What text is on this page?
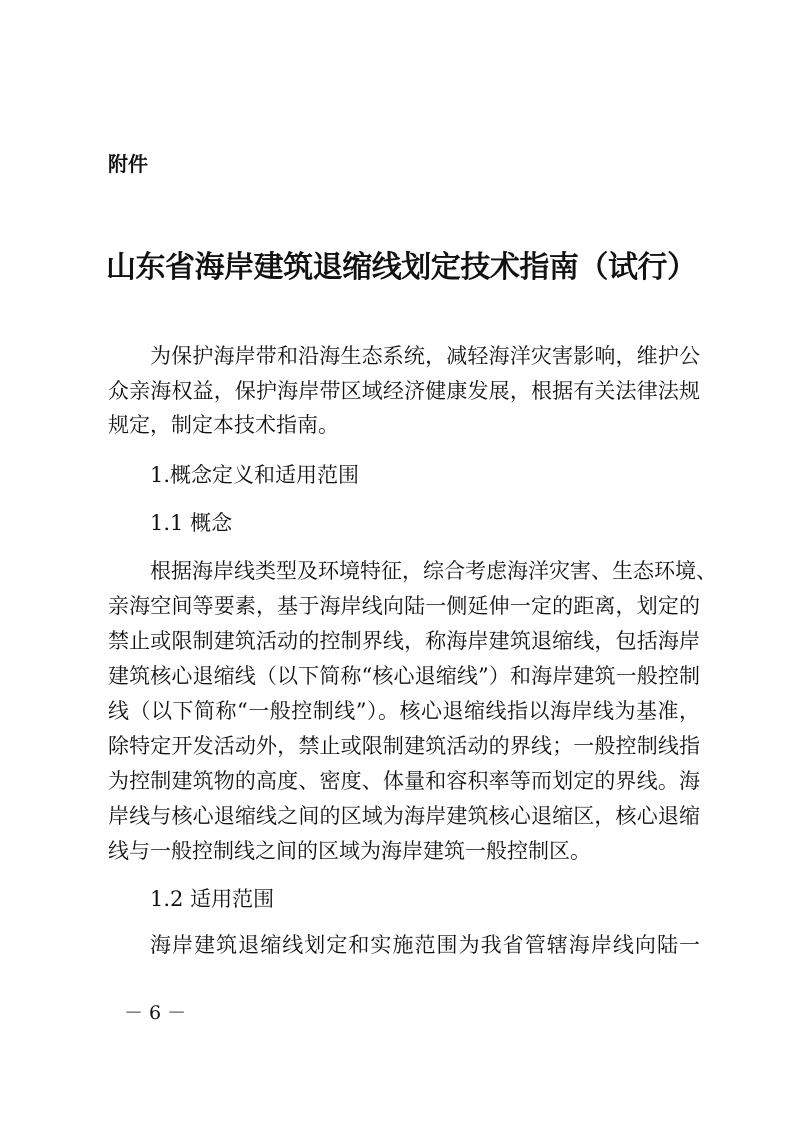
附件
山东省海岸建筑退缩线划定技术指南（试行）
为保护海岸带和沿海生态系统，减轻海洋灾害影响，维护公
众亲海权益，保护海岸带区域经济健康发展，根据有关法律法规
规定，制定本技术指南。
1.概念定义和适用范围
1.1 概念
根据海岸线类型及环境特征，综合考虑海洋灾害、生态环境、
亲海空间等要素，基于海岸线向陆一侧延伸一定的距离，划定的
禁止或限制建筑活动的控制界线，称海岸建筑退缩线，包括海岸
建筑核心退缩线（以下简称“核心退缩线”）和海岸建筑一般控制
线（以下简称“一般控制线”）。核心退缩线指以海岸线为基准，
除特定开发活动外，禁止或限制建筑活动的界线；一般控制线指
为控制建筑物的高度、密度、体量和容积率等而划定的界线。海
岸线与核心退缩线之间的区域为海岸建筑核心退缩区，核心退缩
线与一般控制线之间的区域为海岸建筑一般控制区。
1.2 适用范围
海岸建筑退缩线划定和实施范围为我省管辖海岸线向陆一
－ 6 －
